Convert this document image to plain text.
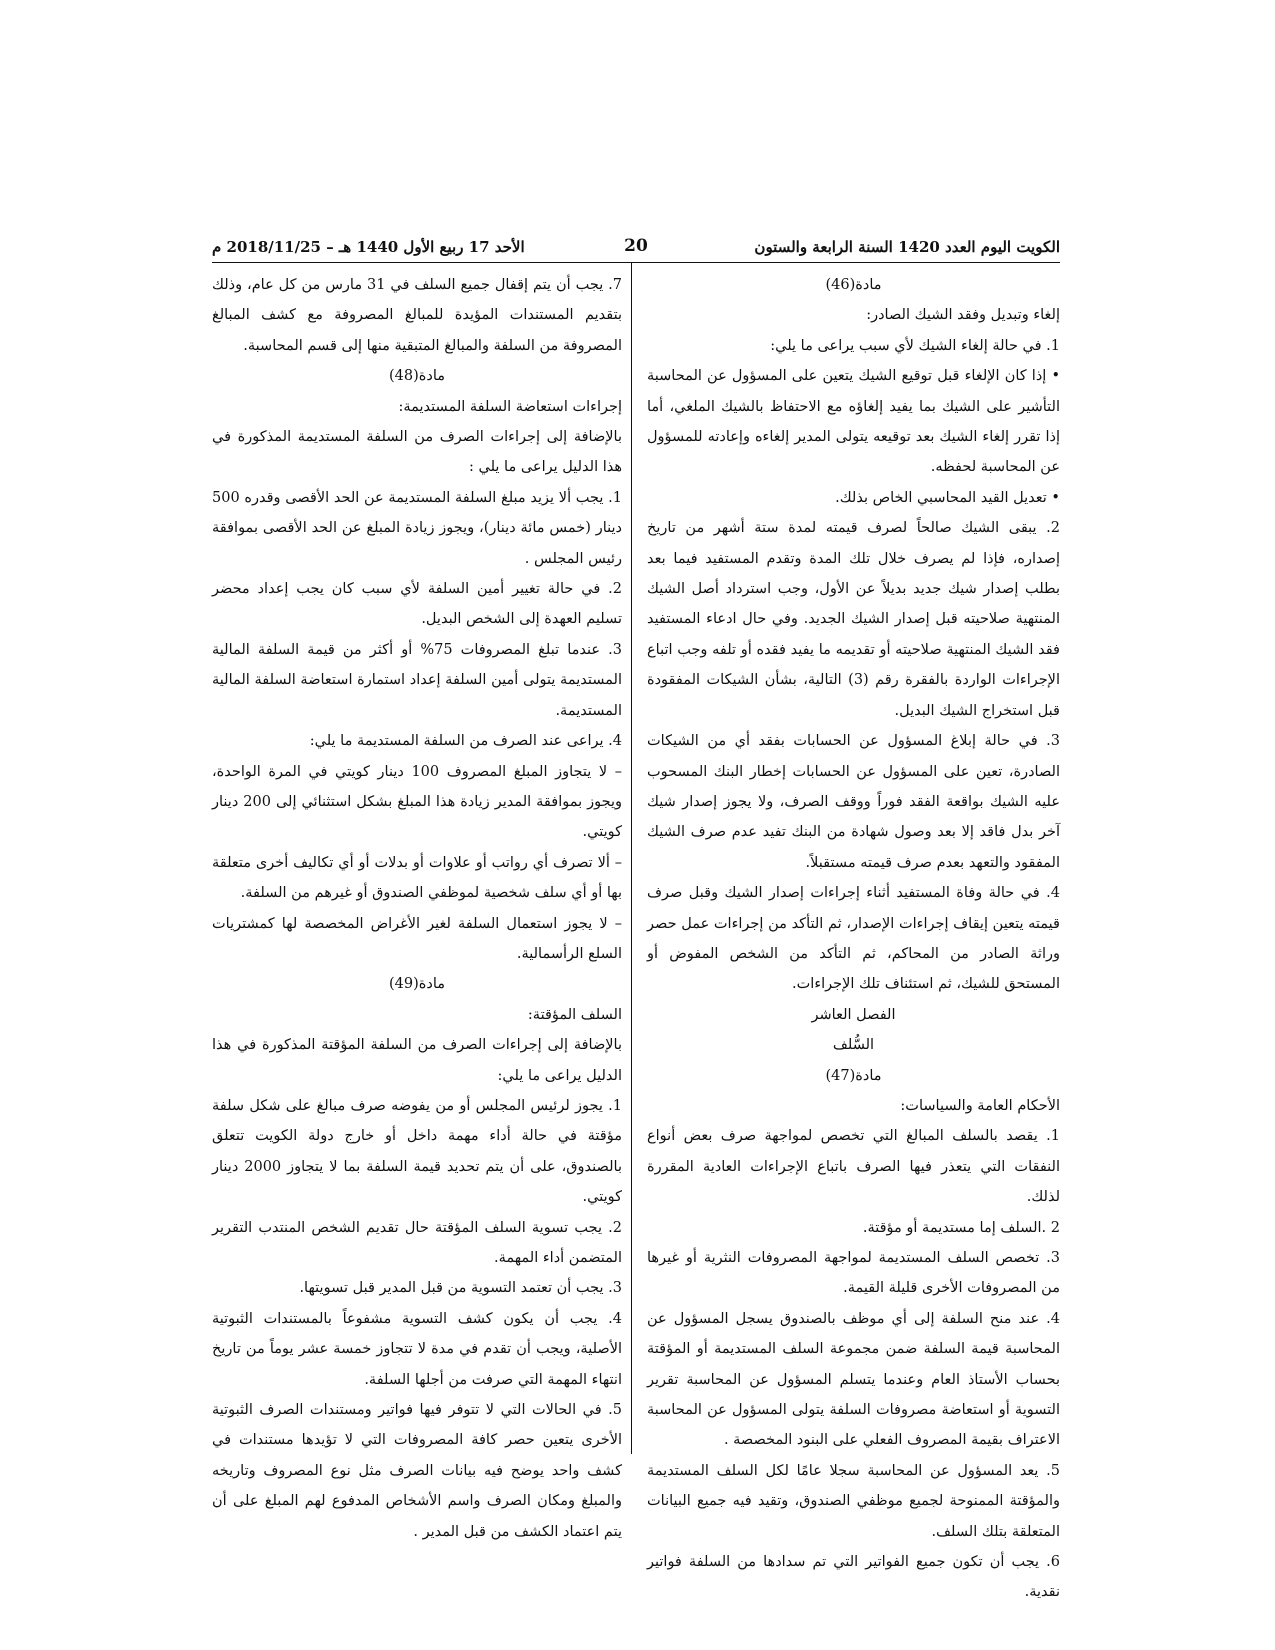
الكويت اليوم العدد 1420 السنة الرابعة والستون
20
الأحد 17 ربيع الأول 1440 هـ – 2018/11/25 م

مادة(46)

إلغاء وتبديل وفقد الشيك الصادر:

1. في حالة إلغاء الشيك لأي سبب يراعى ما يلي:

• إذا كان الإلغاء قبل توقيع الشيك يتعين على المسؤول عن المحاسبة التأشير على الشيك بما يفيد إلغاؤه مع الاحتفاظ بالشيك الملغي، أما إذا تقرر إلغاء الشيك بعد توقيعه يتولى المدير إلغاءه وإعادته للمسؤول عن المحاسبة لحفظه.

• تعديل القيد المحاسبي الخاص بذلك.

2. يبقى الشيك صالحاً لصرف قيمته لمدة ستة أشهر من تاريخ إصداره، فإذا لم يصرف خلال تلك المدة وتقدم المستفيد فيما بعد بطلب إصدار شيك جديد بديلاً عن الأول، وجب استرداد أصل الشيك المنتهية صلاحيته قبل إصدار الشيك الجديد. وفي حال ادعاء المستفيد فقد الشيك المنتهية صلاحيته أو تقديمه ما يفيد فقده أو تلفه وجب اتباع الإجراءات الواردة بالفقرة رقم (3) التالية، بشأن الشيكات المفقودة قبل استخراج الشيك البديل.

3. في حالة إبلاغ المسؤول عن الحسابات بفقد أي من الشيكات الصادرة، تعين على المسؤول عن الحسابات إخطار البنك المسحوب عليه الشيك بواقعة الفقد فوراً ووقف الصرف، ولا يجوز إصدار شيك آخر بدل فاقد إلا بعد وصول شهادة من البنك تفيد عدم صرف الشيك المفقود والتعهد بعدم صرف قيمته مستقبلاً.

4. في حالة وفاة المستفيد أثناء إجراءات إصدار الشيك وقبل صرف قيمته يتعين إيقاف إجراءات الإصدار، ثم التأكد من إجراءات عمل حصر وراثة الصادر من المحاكم، ثم التأكد من الشخص المفوض أو المستحق للشيك، ثم استئناف تلك الإجراءات.

الفصل العاشر

السُّلف

مادة(47)

الأحكام العامة والسياسات:

1. يقصد بالسلف المبالغ التي تخصص لمواجهة صرف بعض أنواع النفقات التي يتعذر فيها الصرف باتباع الإجراءات العادية المقررة لذلك.

2 .السلف إما مستديمة أو مؤقتة.

3. تخصص السلف المستديمة لمواجهة المصروفات النثرية أو غيرها من المصروفات الأخرى قليلة القيمة.

4. عند منح السلفة إلى أي موظف بالصندوق يسجل المسؤول عن المحاسبة قيمة السلفة ضمن مجموعة السلف المستديمة أو المؤقتة بحساب الأستاذ العام وعندما يتسلم المسؤول عن المحاسبة تقرير التسوية أو استعاضة مصروفات السلفة يتولى المسؤول عن المحاسبة الاعتراف بقيمة المصروف الفعلي على البنود المخصصة .

5. يعد المسؤول عن المحاسبة سجلا عامًا لكل السلف المستديمة والمؤقتة الممنوحة لجميع موظفي الصندوق، وتقيد فيه جميع البيانات المتعلقة بتلك السلف.

6. يجب أن تكون جميع الفواتير التي تم سدادها من السلفة فواتير نقدية.

7. يجب أن يتم إقفال جميع السلف في 31 مارس من كل عام، وذلك بتقديم المستندات المؤيدة للمبالغ المصروفة مع كشف المبالغ المصروفة من السلفة والمبالغ المتبقية منها إلى قسم المحاسبة.

مادة(48)

إجراءات استعاضة السلفة المستديمة:

بالإضافة إلى إجراءات الصرف من السلفة المستديمة المذكورة في هذا الدليل يراعى ما يلي :

1. يجب ألا يزيد مبلغ السلفة المستديمة عن الحد الأقصى وقدره 500 دينار (خمس مائة دينار)، ويجوز زيادة المبلغ عن الحد الأقصى بموافقة رئيس المجلس .

2. في حالة تغيير أمين السلفة لأي سبب كان يجب إعداد محضر تسليم العهدة إلى الشخص البديل.

3. عندما تبلغ المصروفات 75% أو أكثر من قيمة السلفة المالية المستديمة يتولى أمين السلفة إعداد استمارة استعاضة السلفة المالية المستديمة.

4. يراعى عند الصرف من السلفة المستديمة ما يلي:

– لا يتجاوز المبلغ المصروف 100 دينار كويتي في المرة الواحدة، ويجوز بموافقة المدير زيادة هذا المبلغ بشكل استثنائي إلى 200 دينار كويتي.

– ألا تصرف أي رواتب أو علاوات أو بدلات أو أي تكاليف أخرى متعلقة بها أو أي سلف شخصية لموظفي الصندوق أو غيرهم من السلفة.

– لا يجوز استعمال السلفة لغير الأغراض المخصصة لها كمشتريات السلع الرأسمالية.

مادة(49)

السلف المؤقتة:

بالإضافة إلى إجراءات الصرف من السلفة المؤقتة المذكورة في هذا الدليل يراعى ما يلي:

1. يجوز لرئيس المجلس أو من يفوضه صرف مبالغ على شكل سلفة مؤقتة في حالة أداء مهمة داخل أو خارج دولة الكويت تتعلق بالصندوق، على أن يتم تحديد قيمة السلفة بما لا يتجاوز 2000 دينار كويتي.

2. يجب تسوية السلف المؤقتة حال تقديم الشخص المنتدب التقرير المتضمن أداء المهمة.

3. يجب أن تعتمد التسوية من قبل المدير قبل تسويتها.

4. يجب أن يكون كشف التسوية مشفوعاً بالمستندات الثبوتية الأصلية، ويجب أن تقدم في مدة لا تتجاوز خمسة عشر يوماً من تاريخ انتهاء المهمة التي صرفت من أجلها السلفة.

5. في الحالات التي لا تتوفر فيها فواتير ومستندات الصرف الثبوتية الأخرى يتعين حصر كافة المصروفات التي لا تؤيدها مستندات في كشف واحد يوضح فيه بيانات الصرف مثل نوع المصروف وتاريخه والمبلغ ومكان الصرف واسم الأشخاص المدفوع لهم المبلغ على أن يتم اعتماد الكشف من قبل المدير .
